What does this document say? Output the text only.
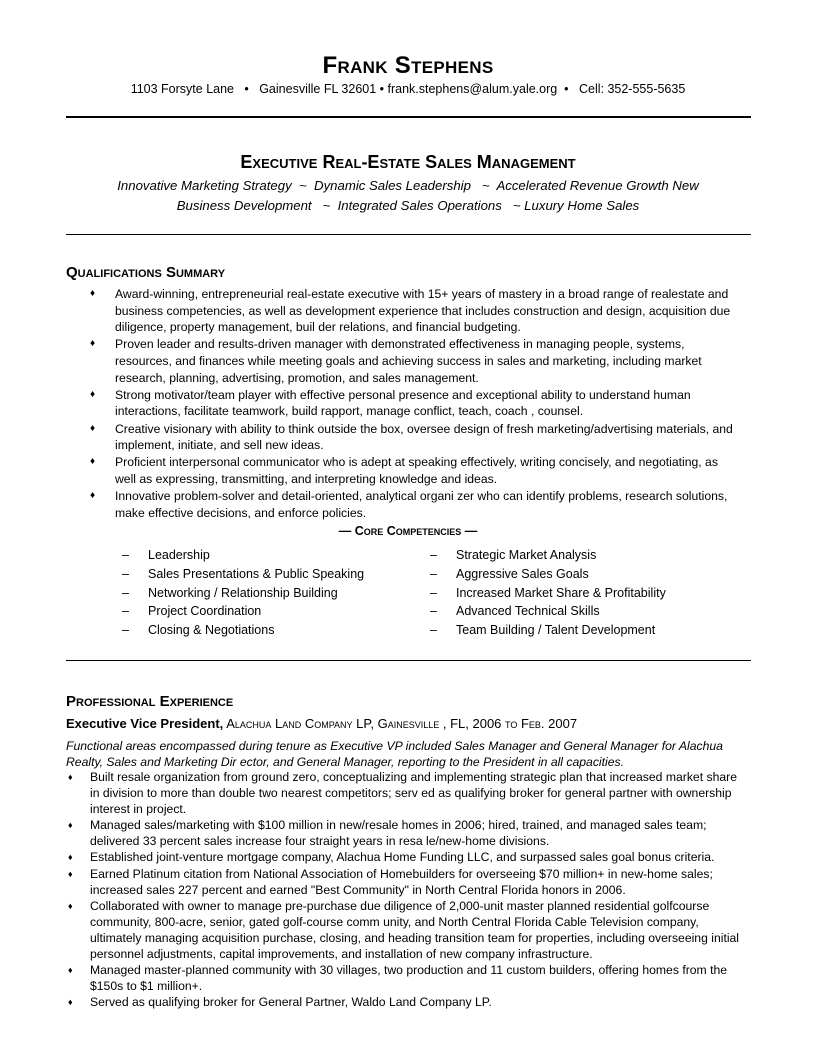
Frank Stephens
1103 Forsyte Lane   •   Gainesville FL 32601 • frank.stephens@alum.yale.org  •   Cell: 352-555-5635
Executive Real-Estate Sales Management
Innovative Marketing Strategy  ~  Dynamic Sales Leadership   ~  Accelerated Revenue Growth New
Business Development   ~  Integrated Sales Operations   ~ Luxury Home Sales
Qualifications Summary
♦ Award-winning, entrepreneurial real-estate executive with 15+ years of mastery in a broad range of realestate and business competencies, as well as development experience that includes construction and design, acquisition due diligence, property management, buil der relations, and financial budgeting.
♦ Proven leader and results-driven manager with demonstrated effectiveness in managing people, systems, resources, and finances while meeting goals and achieving success in sales and marketing, including market research, planning, advertising, promotion, and sales management.
♦ Strong motivator/team player with effective personal presence and exceptional ability to understand human interactions, facilitate teamwork, build rapport, manage conflict, teach, coach , counsel.
♦ Creative visionary with ability to think outside the box, oversee design of fresh marketing/advertising materials, and implement, initiate, and sell new ideas.
♦ Proficient interpersonal communicator who is adept at speaking effectively, writing concisely, and negotiating, as well as expressing, transmitting, and interpreting knowledge and ideas.
♦ Innovative problem-solver and detail-oriented, analytical organi zer who can identify problems, research solutions, make effective decisions, and enforce policies.
— Core Competencies —
– Leadership
– Sales Presentations & Public Speaking
– Networking / Relationship Building
– Project Coordination
– Closing & Negotiations
– Strategic Market Analysis
– Aggressive Sales Goals
– Increased Market Share & Profitability
– Advanced Technical Skills
– Team Building / Talent Development
Professional Experience
Executive Vice President, Alachua Land Company LP, Gainesville , FL, 2006 to Feb. 2007
Functional areas encompassed during tenure as Executive VP included Sales Manager and General Manager for Alachua Realty, Sales and Marketing Dir ector, and General Manager, reporting to the President in all capacities.
♦ Built resale organization from ground zero, conceptualizing and implementing strategic plan that increased market share in division to more than double two nearest competitors; serv ed as qualifying broker for general partner with ownership interest in project.
♦ Managed sales/marketing with $100 million in new/resale homes in 2006; hired, trained, and managed sales team; delivered 33 percent sales increase four straight years in resa le/new-home divisions.
♦ Established joint-venture mortgage company, Alachua Home Funding LLC, and surpassed sales goal bonus criteria.
♦ Earned Platinum citation from National Association of Homebuilders for overseeing $70 million+ in new-home sales; increased sales 227 percent and earned "Best Community" in North Central Florida honors in 2006.
♦ Collaborated with owner to manage pre-purchase due diligence of 2,000-unit master planned residential golfcourse community, 800-acre, senior, gated golf-course comm unity, and North Central Florida Cable Television company, ultimately managing acquisition purchase, closing, and heading transition team for properties, including overseeing initial personnel adjustments, capital improvements, and installation of new company infrastructure.
♦ Managed master-planned community with 30 villages, two production and 11 custom builders, offering homes from the $150s to $1 million+.
♦ Served as qualifying broker for General Partner, Waldo Land Company LP.
